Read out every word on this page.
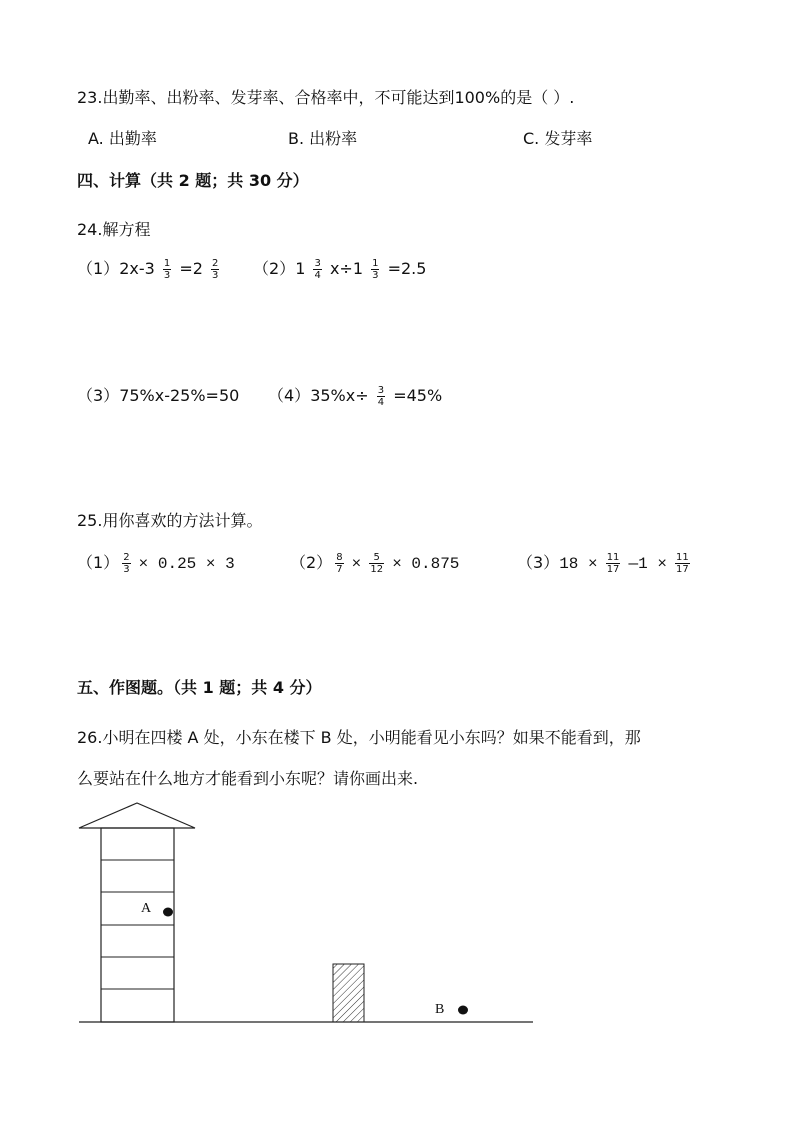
23.出勤率、出粉率、发芽率、合格率中，不可能达到100%的是（ ）.
A. 出勤率	B. 出粉率	C. 发芽率
四、计算（共 2 题；共 30 分）
24.解方程
$(1)2x-3 \frac{1}{3} =2 \frac{2}{3} (2)1 \frac{3}{4} x\div 1 \frac{1}{3} =2.5$
（3）75%x-25%=50 $(4)35\%x\div \frac{3}{4} =45\%$
25.用你喜欢的方法计算。
$(1) \frac{2}{3} \times 0.25 \times 3$	$(2) \frac{8}{7} \times \frac{5}{12} \times 0.875$	$(3)18 \times \frac{11}{17}$ —1 × $\frac{11}{17}$
五、作图题。（共 1 题；共 4 分）
26.小明在四楼 A 处，小东在楼下 B 处，小明能看见小东吗？如果不能看到，那
么要站在什么地方才能看到小东呢？请你画出来.
A
B
